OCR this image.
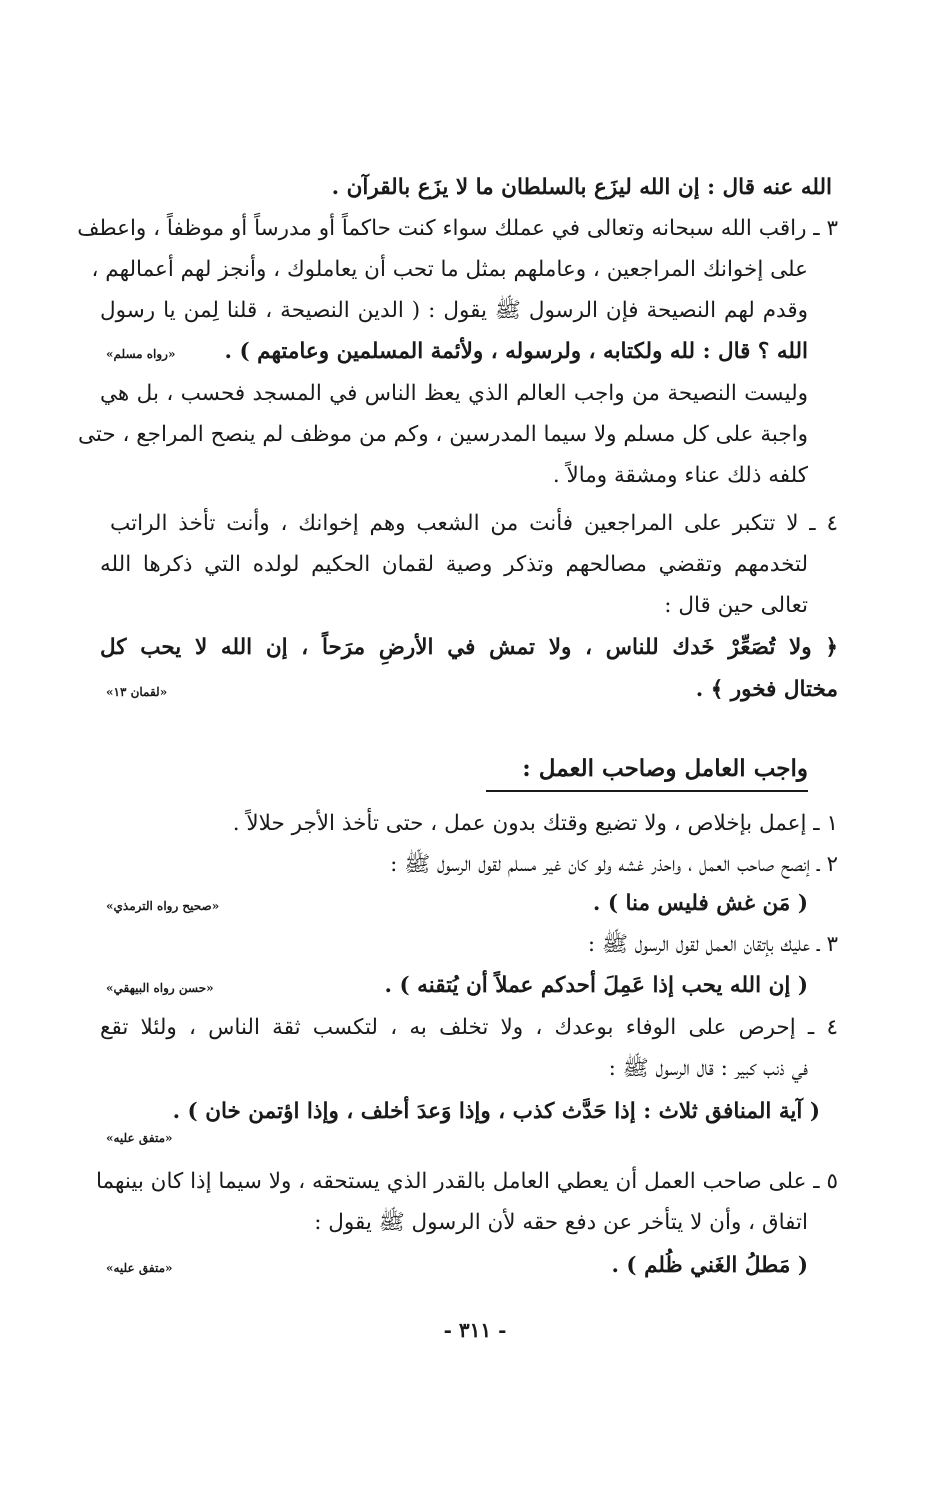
الله عنه قال : إن الله ليزَع بالسلطان ما لا يزَع بالقرآن .
٣ ـ راقب الله سبحانه وتعالى في عملك سواء كنت حاكماً أو مدرساً أو موظفاً ، واعطف
على إخوانك المراجعين ، وعاملهم بمثل ما تحب أن يعاملوك ، وأنجز لهم أعمالهم ،
وقدم لهم النصيحة فإن الرسول ﷺ يقول : ( الدين النصيحة ، قلنا لِمن يا رسول
الله ؟ قال : لله ولكتابه ، ولرسوله ، ولأئمة المسلمين وعامتهم ) .
«رواه مسلم»
وليست النصيحة من واجب العالم الذي يعظ الناس في المسجد فحسب ، بل هي
واجبة على كل مسلم ولا سيما المدرسين ، وكم من موظف لم ينصح المراجع ، حتى
كلفه ذلك عناء ومشقة ومالاً .
٤ ـ لا تتكبر على المراجعين فأنت من الشعب وهم إخوانك ، وأنت تأخذ الراتب
لتخدمهم وتقضي مصالحهم وتذكر وصية لقمان الحكيم لولده التي ذكرها الله
تعالى حين قال :
﴿ ولا تُصَعِّرْ خَدك للناس ، ولا تمش في الأرضِ مرَحاً ، إن الله لا يحب كل
مختال فخور ﴾ .
«لقمان ١٣»
واجب العامل وصاحب العمل :
١ ـ إعمل بإخلاص ، ولا تضيع وقتك بدون عمل ، حتى تأخذ الأجر حلالاً .
٢ ـ إنصح صاحب العمل ، واحذر غشه ولو كان غير مسلم لقول الرسول ﷺ :
( مَن غش فليس منا ) .
«صحيح رواه الترمذي»
٣ ـ عليك بإتقان العمل لقول الرسول ﷺ :
( إن الله يحب إذا عَمِلَ أحدكم عملاً أن يُتقنه ) .
«حسن رواه البيهقي»
٤ ـ إحرص على الوفاء بوعدك ، ولا تخلف به ، لتكسب ثقة الناس ، ولئلا تقع
في ذنب كبير : قال الرسول ﷺ :
( آية المنافق ثلاث : إذا حَدَّث كذب ، وإذا وَعدَ أخلف ، وإذا اؤتمن خان ) .
«متفق عليه»
٥ ـ على صاحب العمل أن يعطي العامل بالقدر الذي يستحقه ، ولا سيما إذا كان بينهما
اتفاق ، وأن لا يتأخر عن دفع حقه لأن الرسول ﷺ يقول :
( مَطلُ الغَني ظُلم ) .
«متفق عليه»
- ٣١١ -
